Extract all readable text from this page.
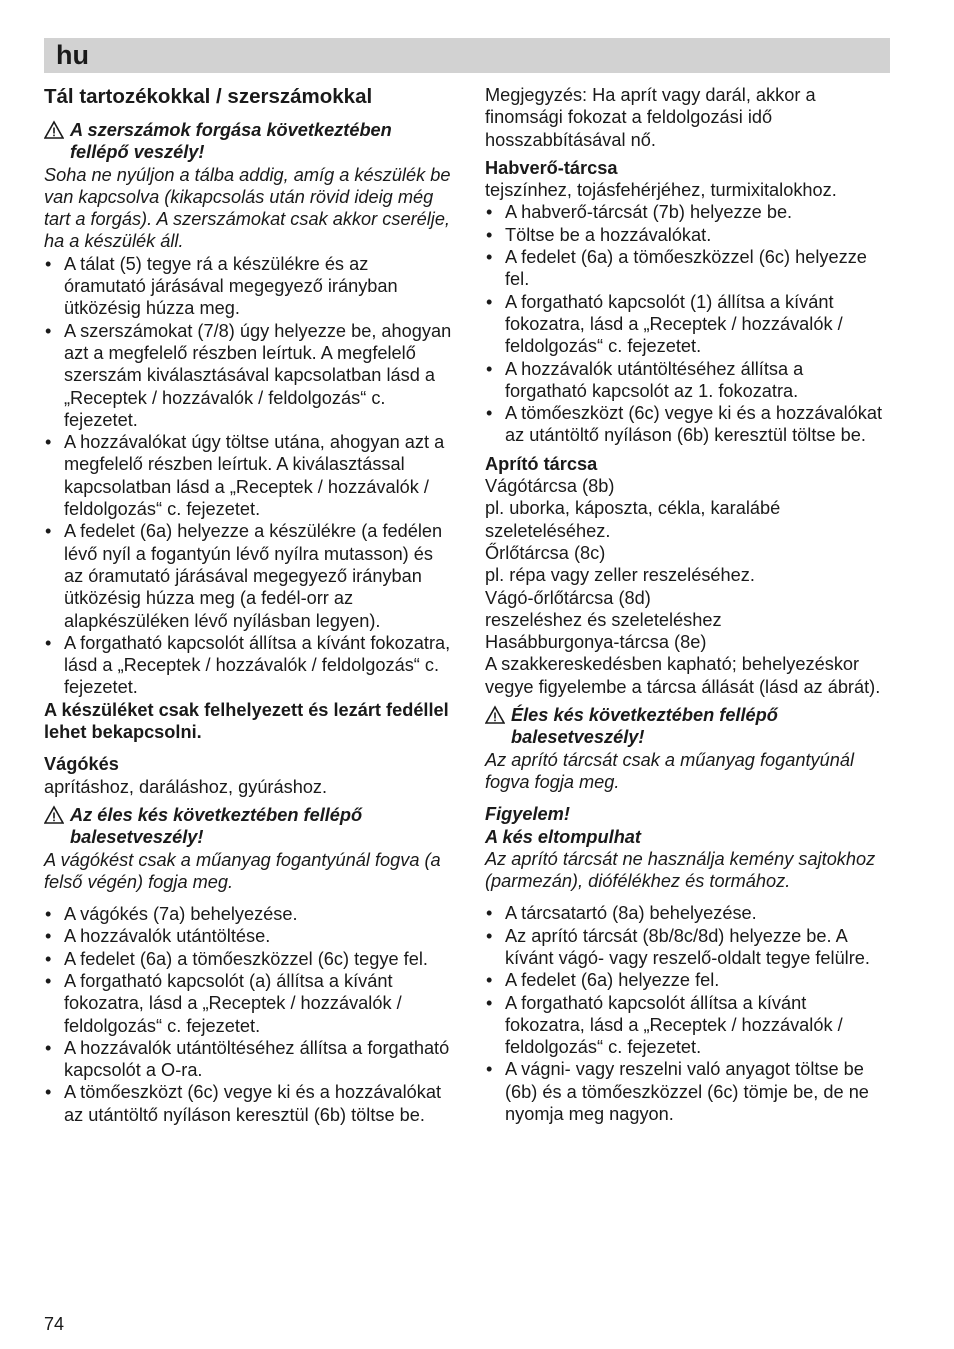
hu
Tál tartozékokkal / szerszámokkal
A szerszámok forgása következtében fellépő veszély!

Soha ne nyúljon a tálba addig, amíg a készülék be van kapcsolva (kikapcsolás után rövid ideig még tart a forgás). A szerszámokat csak akkor cserélje, ha a készülék áll.

• A tálat (5) tegye rá a készülékre és az óramutató járásával megegyező irányban ütközésig húzza meg.
• A szerszámokat (7/8) úgy helyezze be, ahogyan azt a megfelelő részben leírtuk. A megfelelő szerszám kiválasztásával kapcsolatban lásd a „Receptek / hozzávalók / feldolgozás“ c. fejezetet.
• A hozzávalókat úgy töltse utána, ahogyan azt a megfelelő részben leírtuk. A kiválasztással kapcsolatban lásd a „Receptek / hozzávalók / feldolgozás“ c. fejezetet.
• A fedelet (6a) helyezze a készülékre (a fedélen lévő nyíl a fogantyún lévő nyílra mutasson) és az óramutató járásával megegyező irányban ütközésig húzza meg (a fedél-orr az alapkészüléken lévő nyílásban legyen).
• A forgatható kapcsolót állítsa a kívánt fokozatra, lásd a „Receptek / hozzávalók / feldolgozás“ c. fejezetet.

A készüléket csak felhelyezett és lezárt fedéllel lehet bekapcsolni.

Vágókés

aprításhoz, daráláshoz, gyúráshoz.

Az éles kés következtében fellépő balesetveszély!

A vágókést csak a műanyag fogantyúnál fogva (a felső végén) fogja meg.

• A vágókés (7a) behelyezése.
• A hozzávalók utántöltése.
• A fedelet (6a) a tömőeszközzel (6c) tegye fel.
• A forgatható kapcsolót (a) állítsa a kívánt fokozatra, lásd a „Receptek / hozzávalók / feldolgozás“ c. fejezetet.
• A hozzávalók utántöltéséhez állítsa a forgatható kapcsolót a O-ra.
• A tömőeszközt (6c) vegye ki és a hozzávalókat az utántöltő nyíláson keresztül (6b) töltse be.

Megjegyzés: Ha aprít vagy darál, akkor a finomsági fokozat a feldolgozási idő hosszabbításával nő.

Habverő-tárcsa

tejszínhez, tojásfehérjéhez, turmixitalokhoz.

• A habverő-tárcsát (7b) helyezze be.
• Töltse be a hozzávalókat.
• A fedelet (6a) a tömőeszközzel (6c) helyezze fel.
• A forgatható kapcsolót (1) állítsa a kívánt fokozatra, lásd a „Receptek / hozzávalók / feldolgozás“ c. fejezetet.
• A hozzávalók utántöltéséhez állítsa a forgatható kapcsolót az 1. fokozatra.
• A tömőeszközt (6c) vegye ki és a hozzávalókat az utántöltő nyíláson (6b) keresztül töltse be.
Aprító tárcsa

Vágótárcsa (8b)

pl. uborka, káposzta, cékla, karalábé szeleteléséhez.

Őrlőtárcsa (8c)

pl. répa vagy zeller reszeléséhez.

Vágó-őrlőtárcsa (8d)

reszeléshez és szeleteléshez

Hasábburgonya-tárcsa (8e)

A szakkereskedésben kapható; behelyezéskor vegye figyelembe a tárcsa állását (lásd az ábrát).

Éles kés következtében fellépő balesetveszély!

Az aprító tárcsát csak a műanyag fogantyúnál fogva fogja meg.

Figyelem!

A kés eltompulhat

Az aprító tárcsát ne használja kemény sajtokhoz (parmezán), diófélékhez és tormához.

• A tárcsatartó (8a) behelyezése.
• Az aprító tárcsát (8b/8c/8d) helyezze be. A kívánt vágó- vagy reszelő-oldalt tegye felülre.
• A fedelet (6a) helyezze fel.
• A forgatható kapcsolót állítsa a kívánt fokozatra, lásd a „Receptek / hozzávalók / feldolgozás“ c. fejezetet.
• A vágni- vagy reszelni való anyagot töltse be (6b) és a tömőeszközzel (6c) tömje be, de ne nyomja meg nagyon.
74
